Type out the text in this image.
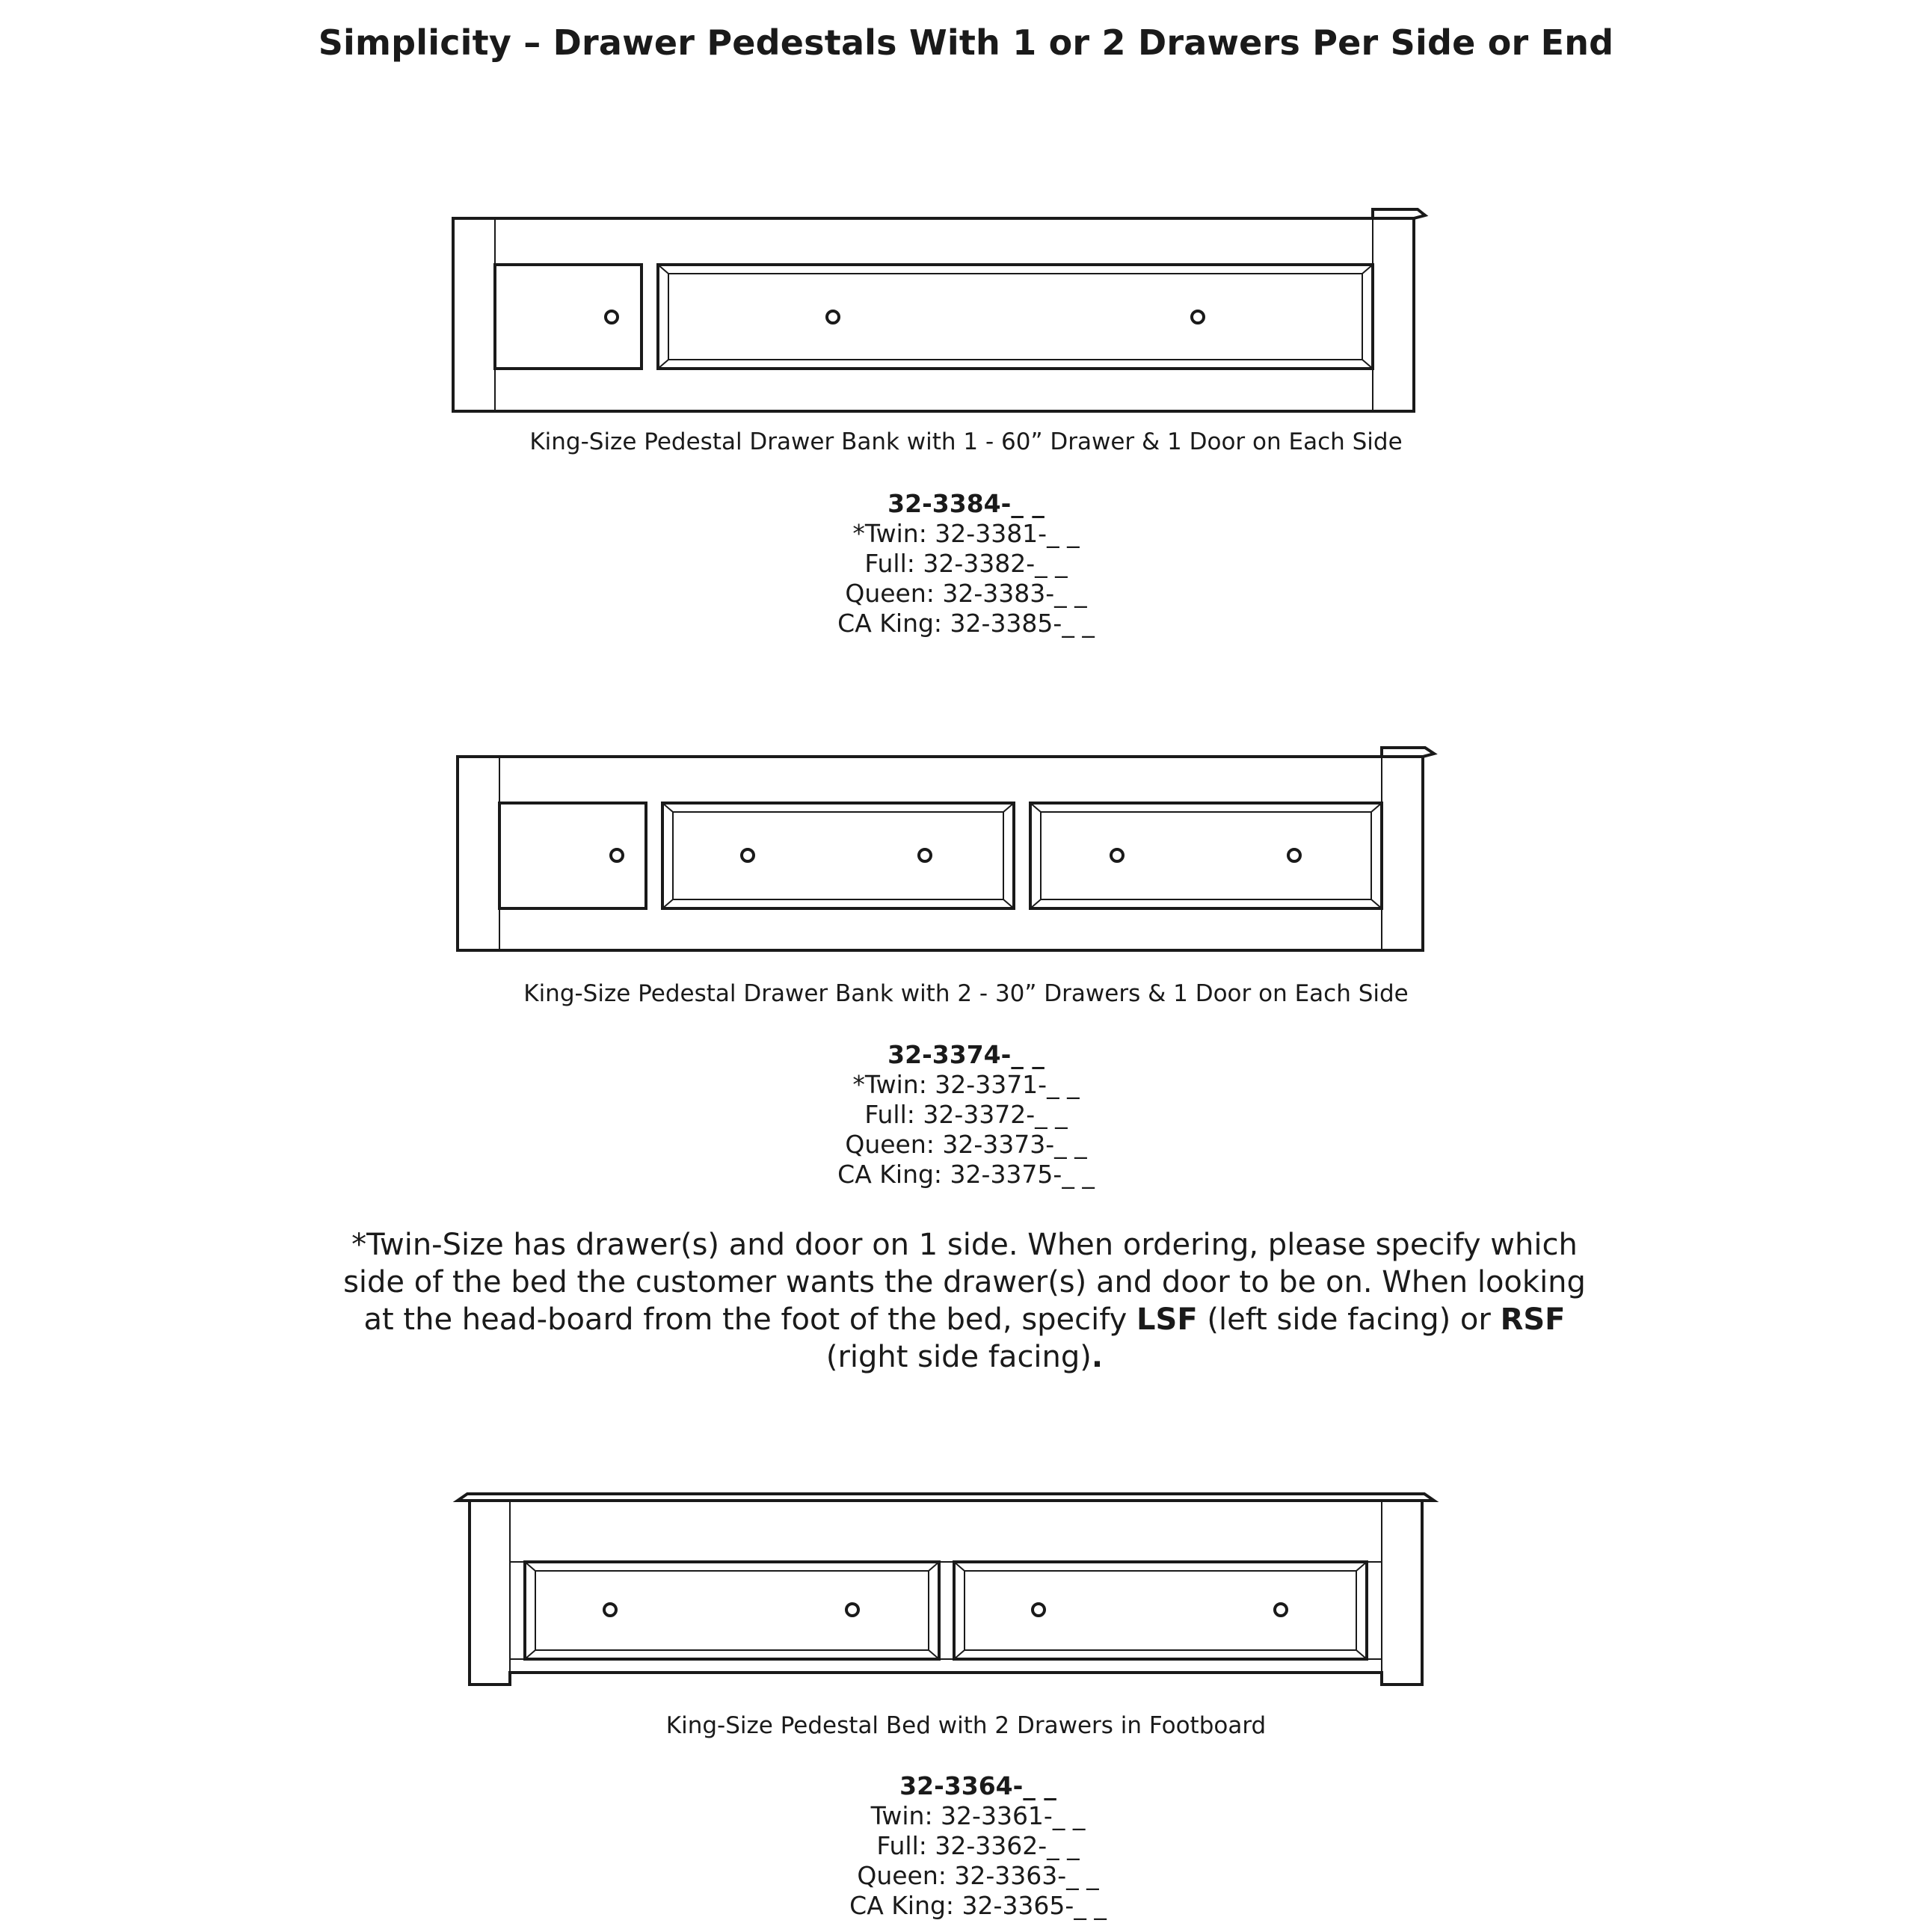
Simplicity – Drawer Pedestals With 1 or 2 Drawers Per Side or End
King-Size Pedestal Drawer Bank with 1 - 60” Drawer & 1 Door on Each Side
32-3384-_ _
*Twin: 32-3381-_ _
Full: 32-3382-_ _
Queen: 32-3383-_ _
CA King: 32-3385-_ _
King-Size Pedestal Drawer Bank with 2 - 30” Drawers & 1 Door on Each Side
32-3374-_ _
*Twin: 32-3371-_ _
Full: 32-3372-_ _
Queen: 32-3373-_ _
CA King: 32-3375-_ _
*Twin-Size has drawer(s) and door on 1 side. When ordering, please specify which side of the bed the customer wants the drawer(s) and door to be on. When looking at the head-board from the foot of the bed, specify LSF (left side facing) or RSF (right side facing).
King-Size Pedestal Bed with 2 Drawers in Footboard
32-3364-_ _
Twin: 32-3361-_ _
Full: 32-3362-_ _
Queen: 32-3363-_ _
CA King: 32-3365-_ _
